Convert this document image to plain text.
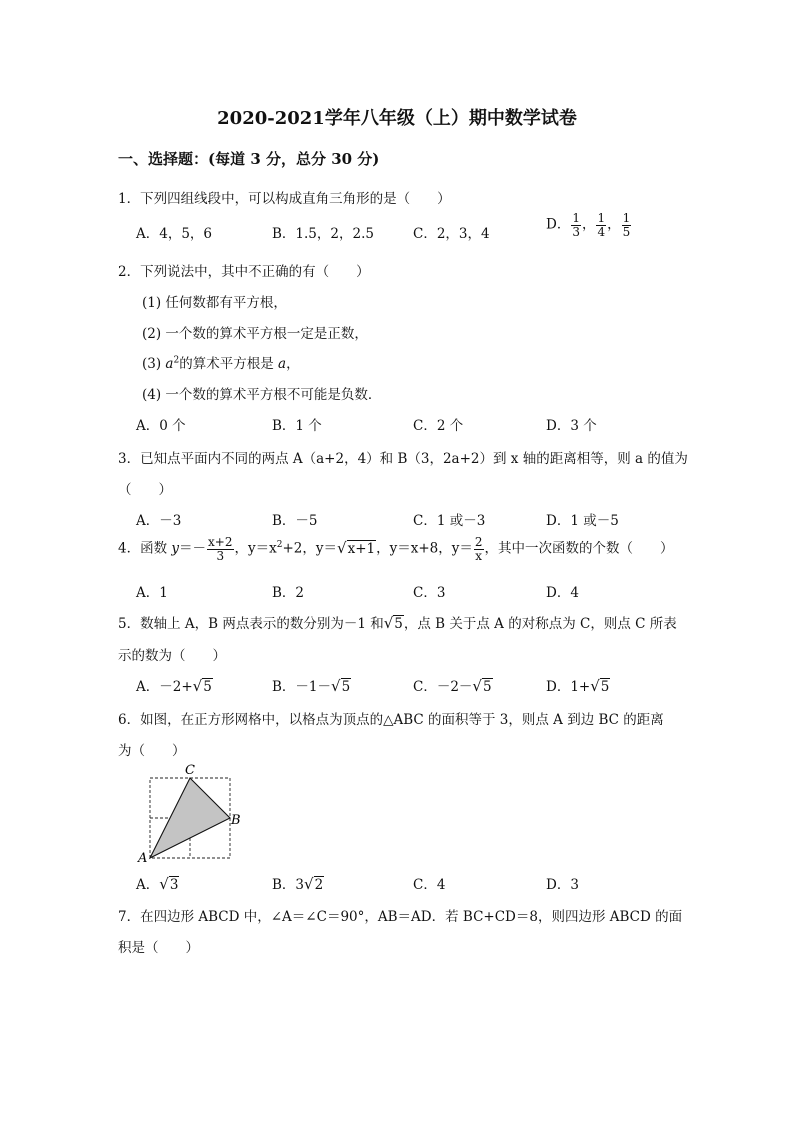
2020-2021学年八年级（上）期中数学试卷
一、选择题：(每道 3 分，总分 30 分)
1．下列四组线段中，可以构成直角三角形的是（　　）
A．4，5，6	B．1.5，2，2.5	C．2，3，4
D． $\frac{1}{3}$ ， $\frac{1}{4}$ ， $\frac{1}{5}$
2．下列说法中，其中不正确的有（　　）
(1) 任何数都有平方根，
(2) 一个数的算术平方根一定是正数，
(3) $a^2$的算术平方根是 a，
(4) 一个数的算术平方根不可能是负数．
A．0 个	B．1 个	C．2 个	D．3 个
3．已知点平面内不同的两点 A（a+2，4）和 B（3，2a+2）到 x 轴的距离相等，则 a 的值为
（　　）
A．－3	B．－5	C．1 或－3	D．1 或－5
4．函数 $y=- \frac{x+2}{3}$ ，$y=x^2+2$，y＝√x+1，y＝x+8，$y= \frac{2}{x}$ ，其中一次函数的个数（　　）
A．1	B．2	C．3	D．4
5．数轴上 A，B 两点表示的数分别为－1 和√5，点 B 关于点 A 的对称点为 C，则点 C 所表
示的数为（　　）
A．－2+√5	B．－1－√5	C．－2－√5	D．1+√5
6．如图，在正方形网格中，以格点为顶点的△ABC 的面积等于 3，则点 A 到边 BC 的距离
为（　　）
A
B
C
A．√3	B．3√2	C．4	D．3
7．在四边形 ABCD 中，∠A＝∠C＝90°，AB＝AD．若 BC+CD＝8，则四边形 ABCD 的面
积是（　　）
